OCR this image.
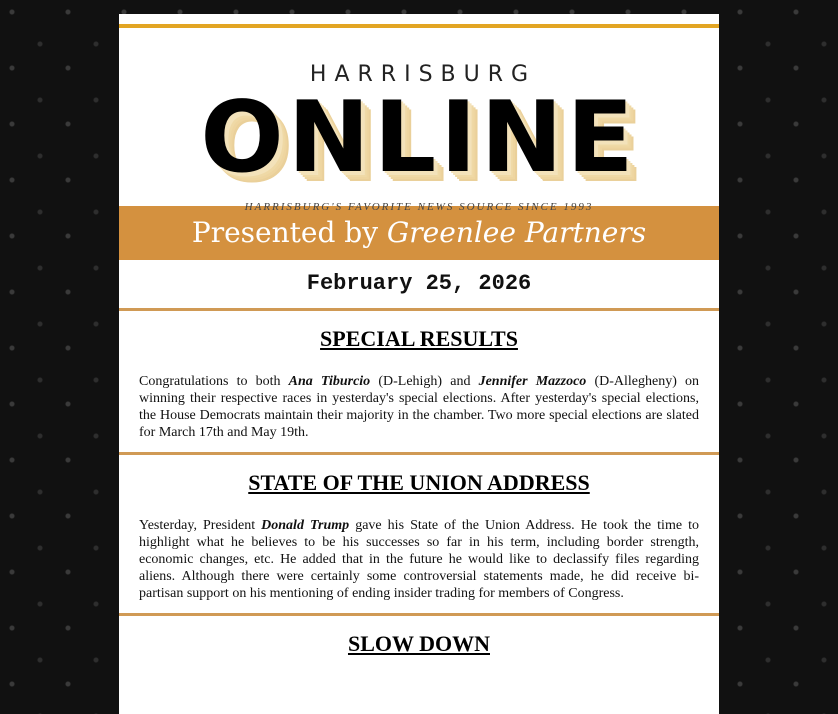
HARRISBURG
ONLINE
Presented by Greenlee Partners
February 25, 2026
SPECIAL RESULTS

Congratulations to both Ana Tiburcio (D-Lehigh) and Jennifer Mazzoco (D-Allegheny) on winning their respective races in yesterday's special elections. After yesterday's special elections, the House Democrats maintain their majority in the chamber. Two more special elections are slated for March 17th and May 19th.

STATE OF THE UNION ADDRESS

Yesterday, President Donald Trump gave his State of the Union Address. He took the time to highlight what he believes to be his successes so far in his term, including border strength, economic changes, etc. He added that in the future he would like to declassify files regarding aliens. Although there were certainly some controversial statements made, he did receive bi-partisan support on his mentioning of ending insider trading for members of Congress.

SLOW DOWN
